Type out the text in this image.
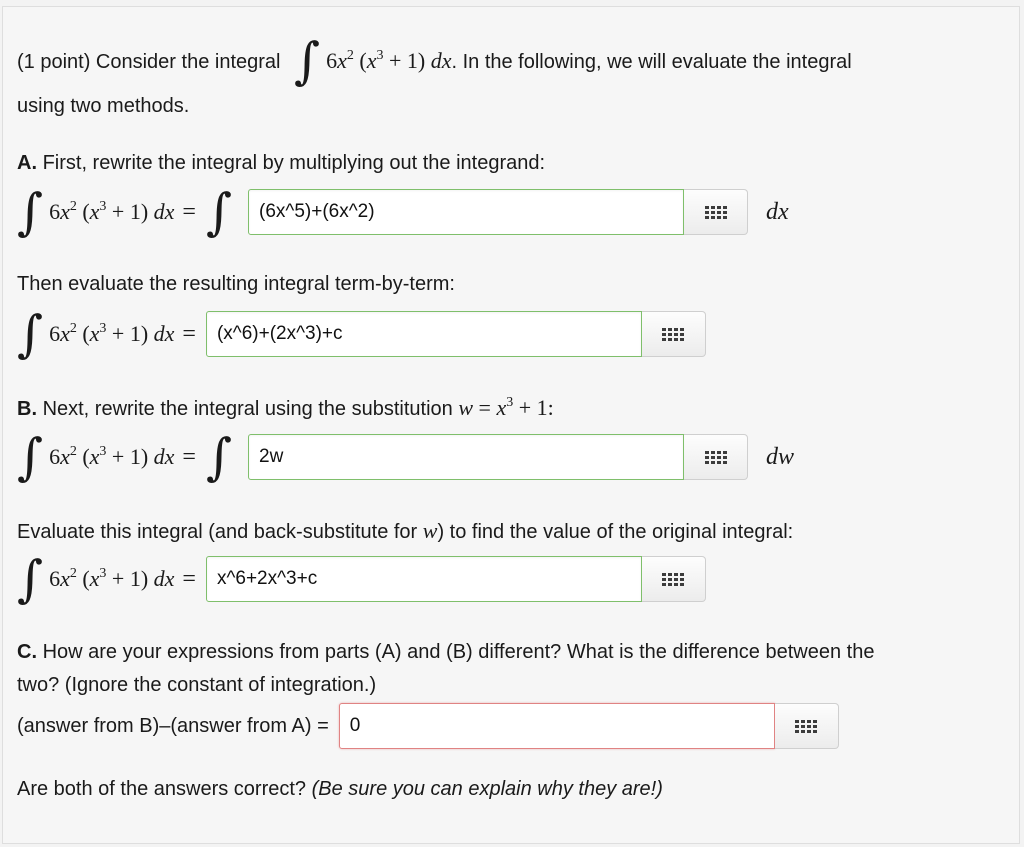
(1 point) Consider the integral ∫ $6x^2$ $(x^3 + 1)$ dx. In the following, we will evaluate the integral
using two methods.
A. First, rewrite the integral by multiplying out the integrand:
∫ $6x^2$ $(x^3 + 1)$ dx = ∫	(6x^5)+(6x^2)	dx
Then evaluate the resulting integral term-by-term:
∫ $6x^2$ $(x^3 + 1)$ dx =	(x^6)+(2x^3)+c
B. Next, rewrite the integral using the substitution $w = x^3 + 1$:
∫ $6x^2$ $(x^3 + 1)$ dx = ∫	2w	dw
Evaluate this integral (and back-substitute for w) to find the value of the original integral:
∫ $6x^2$ $(x^3 + 1)$ dx =	x^6+2x^3+c
C. How are your expressions from parts (A) and (B) different? What is the difference between the
two? (Ignore the constant of integration.)
(answer from B)–(answer from A) =	0
Are both of the answers correct? (Be sure you can explain why they are!)
